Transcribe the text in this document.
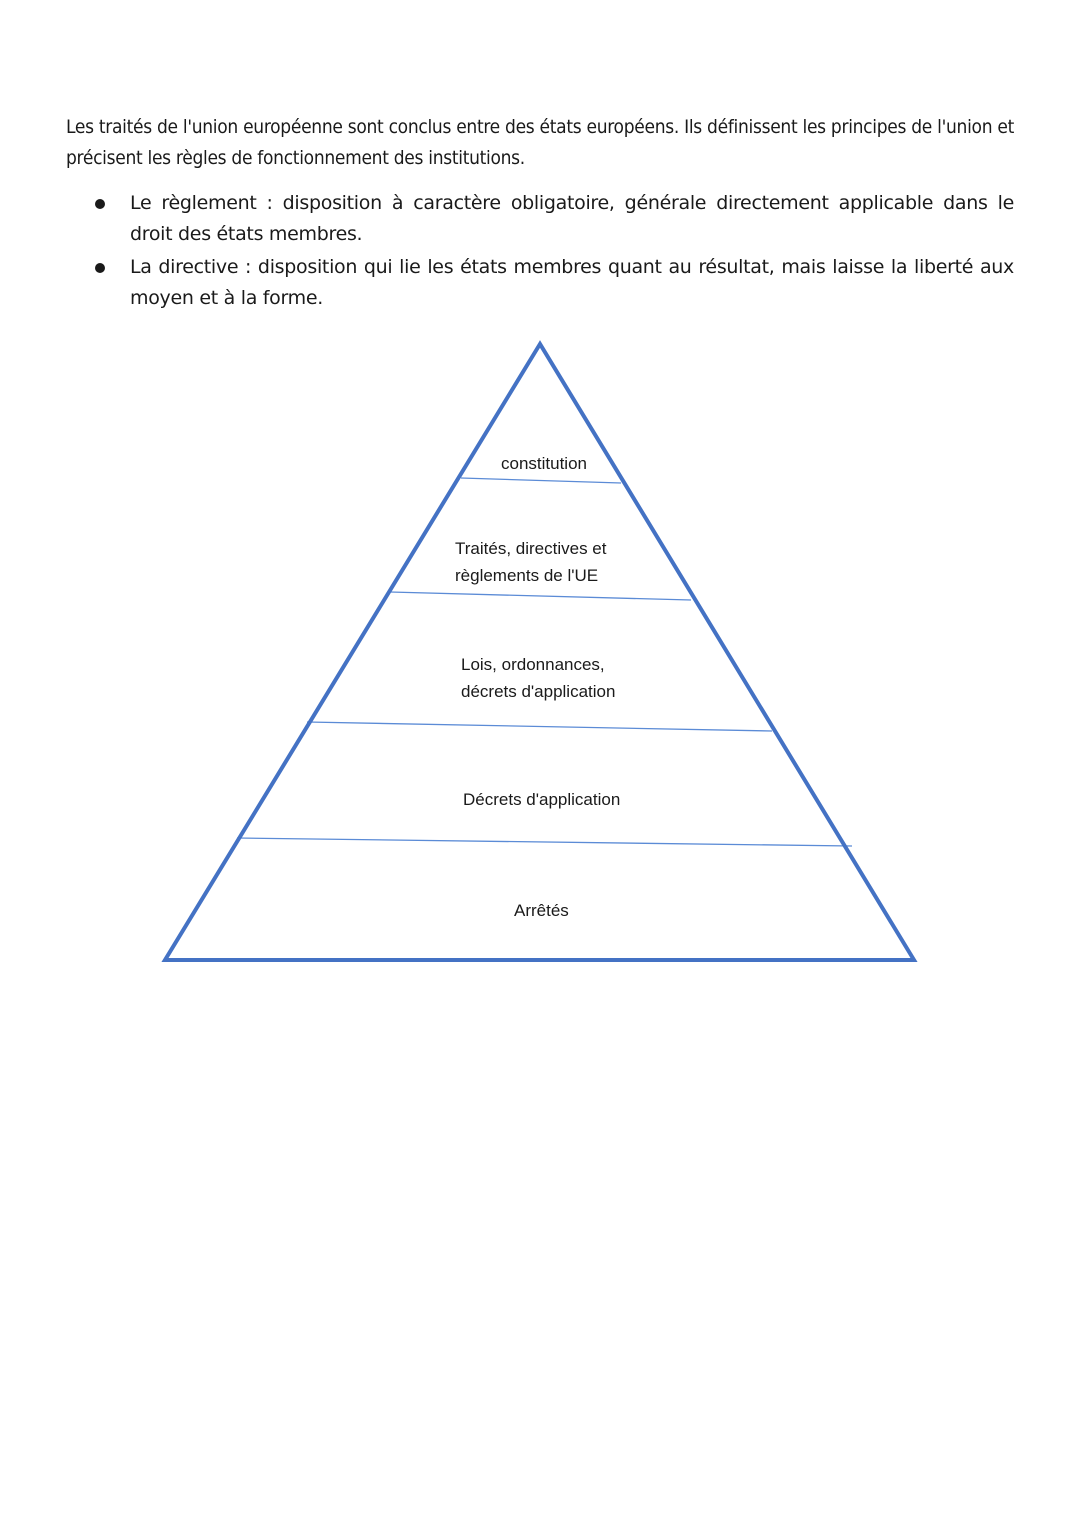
Les traités de l'union européenne sont conclus entre des états européens. Ils définissent les principes de l'union et précisent les règles de fonctionnement des institutions.

Le règlement : disposition à caractère obligatoire, générale directement applicable dans le droit des états membres.
La directive : disposition qui lie les états membres quant au résultat, mais laisse la liberté aux moyen et à la forme.
constitution
Traités, directives et
règlements de l'UE
Lois, ordonnances,
décrets d'application
Décrets d'application
Arrêtés
